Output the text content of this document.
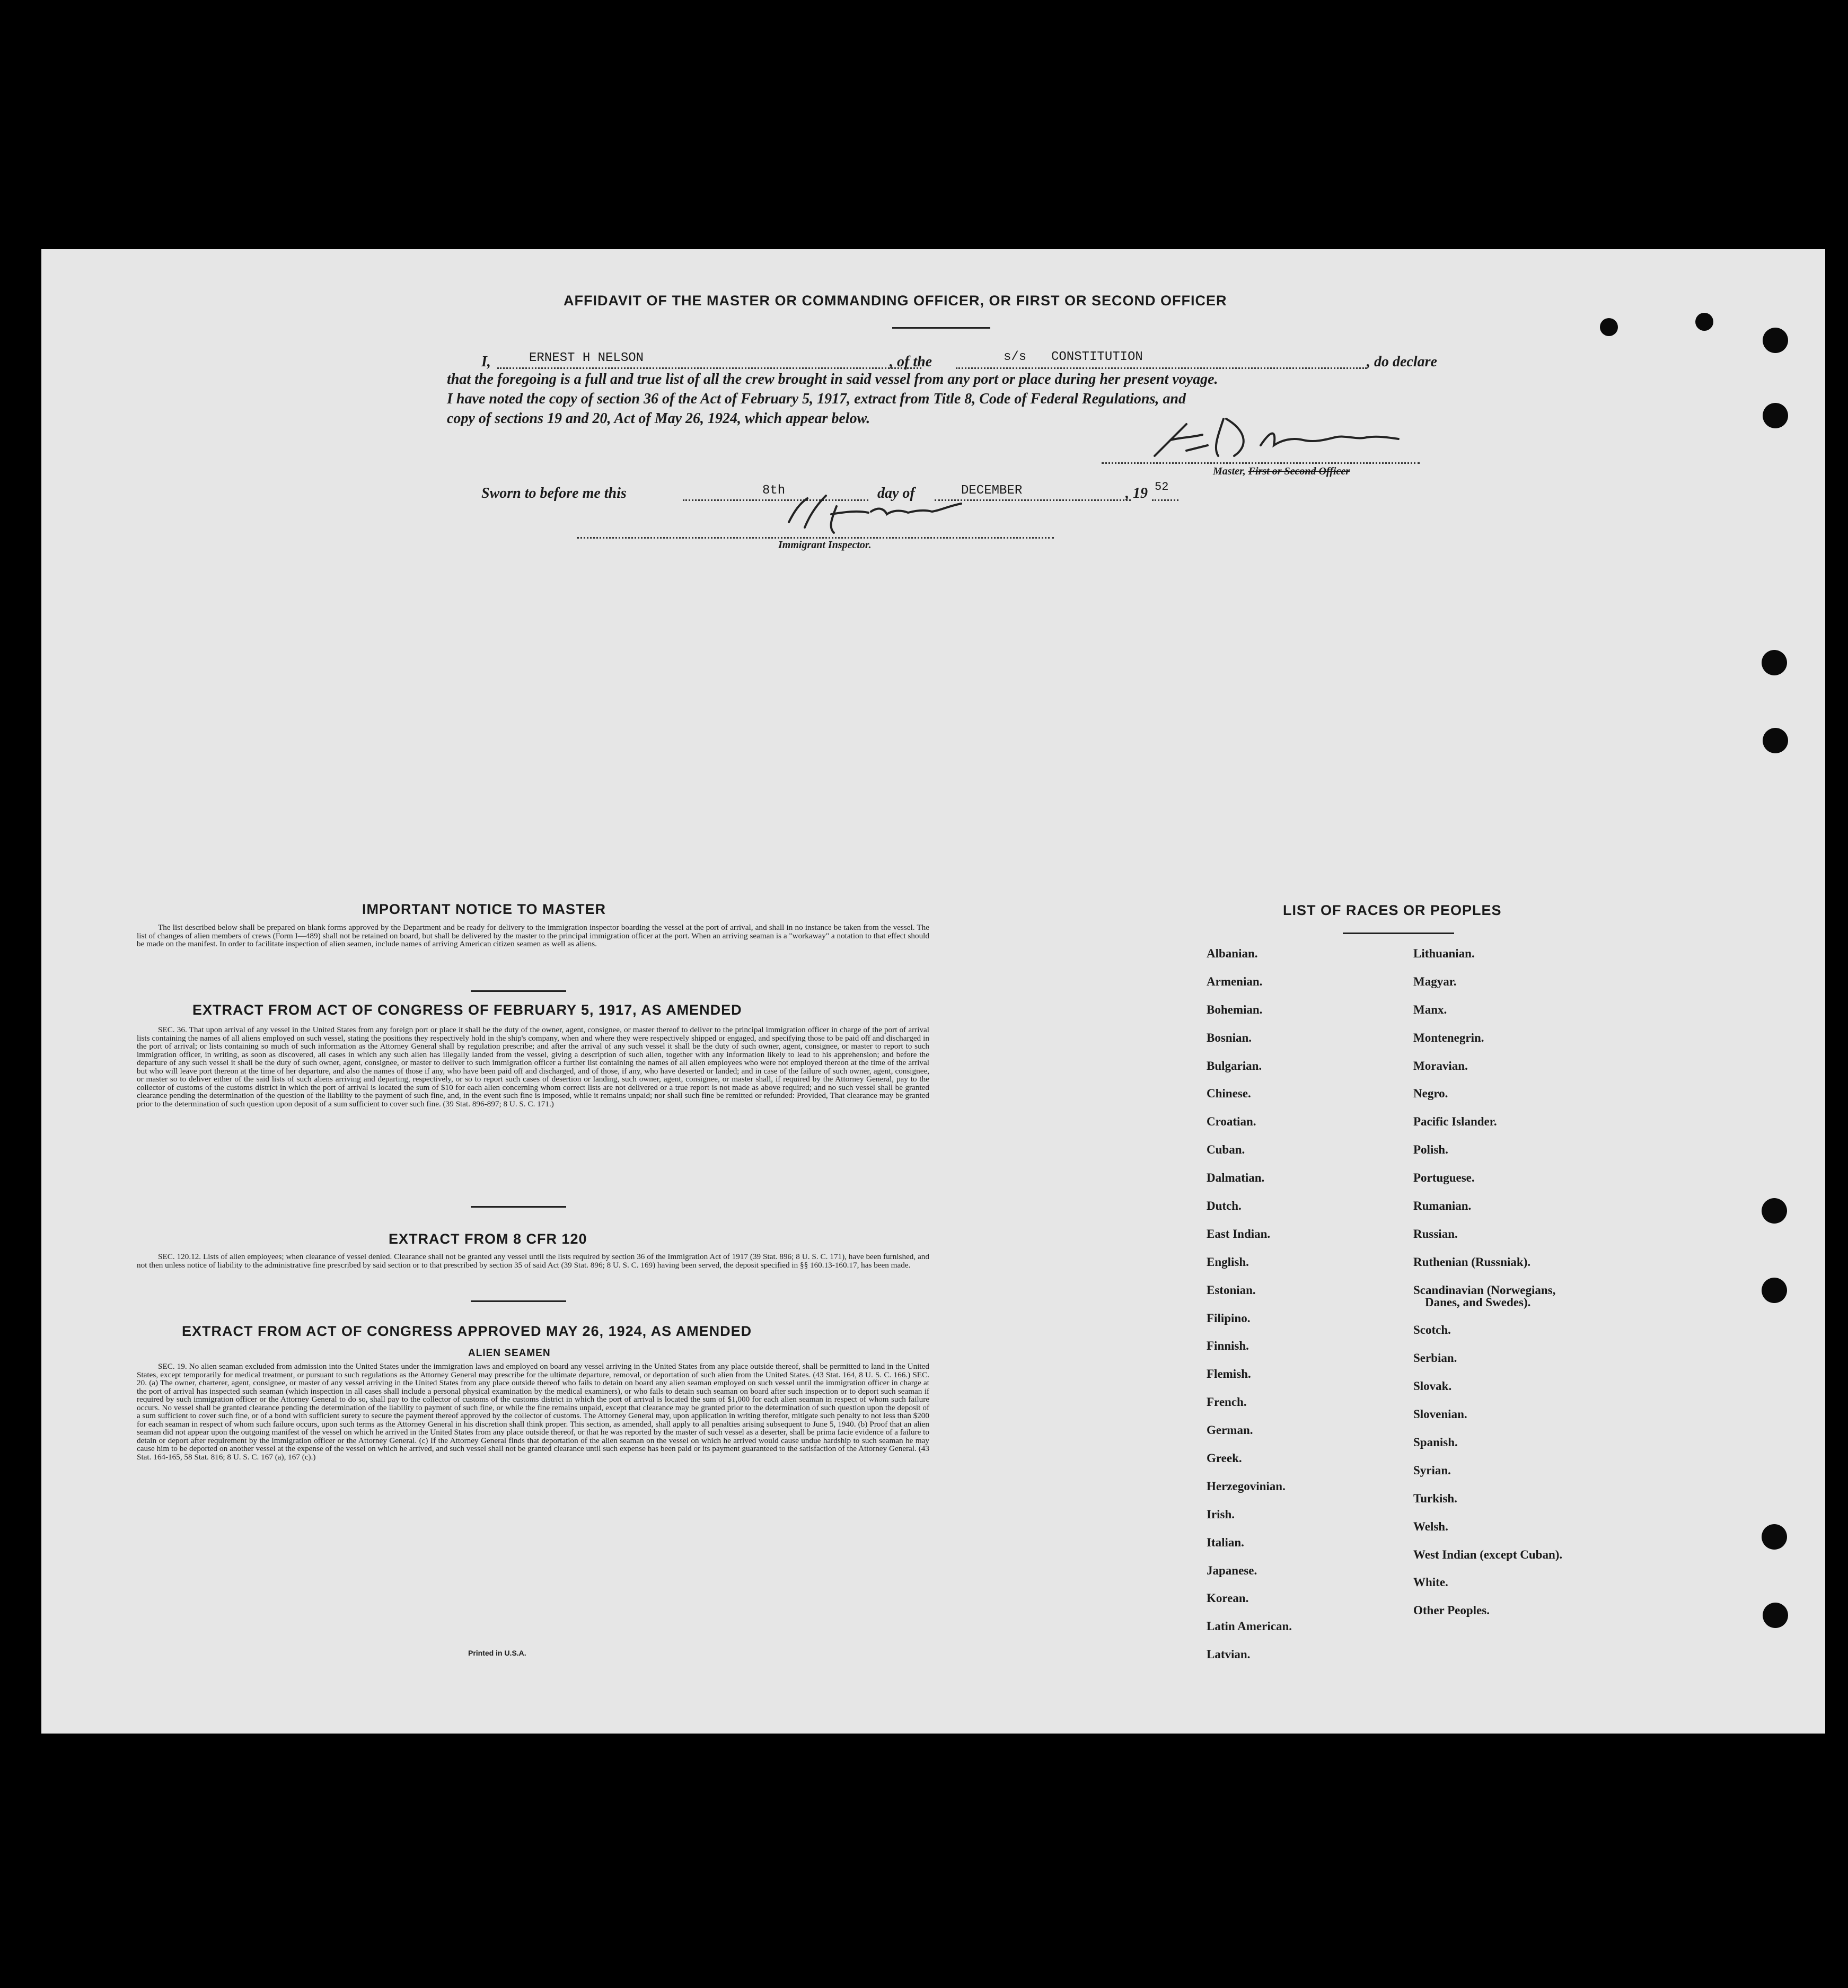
AFFIDAVIT OF THE MASTER OR COMMANDING OFFICER, OR FIRST OR SECOND OFFICER
I,	ERNEST H NELSON	, of the	s/s CONSTITUTION	, do declare
that the foregoing is a full and true list of all the crew brought in said vessel from any port or place during her present voyage.
I have noted the copy of section 36 of the Act of February 5, 1917, extract from Title 8, Code of Federal Regulations, and
copy of sections 19 and 20, Act of May 26, 1924, which appear below.
Master, First or Second Officer
Sworn to before me this	8th	day of	DECEMBER	, 19 52
Immigrant Inspector.
IMPORTANT NOTICE TO MASTER
The list described below shall be prepared on blank forms approved by the Department and be ready for delivery to the immigration inspector boarding the vessel at the port of arrival, and shall in no instance be taken from the vessel. The list of changes of alien members of crews (Form I—489) shall not be retained on board, but shall be delivered by the master to the principal immigration officer at the port. When an arriving seaman is a "workaway" a notation to that effect should be made on the manifest. In order to facilitate inspection of alien seamen, include names of arriving American citizen seamen as well as aliens.
EXTRACT FROM ACT OF CONGRESS OF FEBRUARY 5, 1917, AS AMENDED
SEC. 36. That upon arrival of any vessel in the United States from any foreign port or place it shall be the duty of the owner, agent, consignee, or master thereof to deliver to the principal immigration officer in charge of the port of arrival lists containing the names of all aliens employed on such vessel, stating the positions they respectively hold in the ship's company, when and where they were respectively shipped or engaged, and specifying those to be paid off and discharged in the port of arrival; or lists containing so much of such information as the Attorney General shall by regulation prescribe; and after the arrival of any such vessel it shall be the duty of such owner, agent, consignee, or master to report to such immigration officer, in writing, as soon as discovered, all cases in which any such alien has illegally landed from the vessel, giving a description of such alien, together with any information likely to lead to his apprehension; and before the departure of any such vessel it shall be the duty of such owner, agent, consignee, or master to deliver to such immigration officer a further list containing the names of all alien employees who were not employed thereon at the time of the arrival but who will leave port thereon at the time of her departure, and also the names of those if any, who have been paid off and discharged, and of those, if any, who have deserted or landed; and in case of the failure of such owner, agent, consignee, or master so to deliver either of the said lists of such aliens arriving and departing, respectively, or so to report such cases of desertion or landing, such owner, agent, consignee, or master shall, if required by the Attorney General, pay to the collector of customs of the customs district in which the port of arrival is located the sum of $10 for each alien concerning whom correct lists are not delivered or a true report is not made as above required; and no such vessel shall be granted clearance pending the determination of the question of the liability to the payment of such fine, and, in the event such fine is imposed, while it remains unpaid; nor shall such fine be remitted or refunded: Provided, That clearance may be granted prior to the determination of such question upon deposit of a sum sufficient to cover such fine. (39 Stat. 896-897; 8 U. S. C. 171.)
EXTRACT FROM 8 CFR 120
SEC. 120.12. Lists of alien employees; when clearance of vessel denied. Clearance shall not be granted any vessel until the lists required by section 36 of the Immigration Act of 1917 (39 Stat. 896; 8 U. S. C. 171), have been furnished, and not then unless notice of liability to the administrative fine prescribed by said section or to that prescribed by section 35 of said Act (39 Stat. 896; 8 U. S. C. 169) having been served, the deposit specified in §§ 160.13-160.17, has been made.
EXTRACT FROM ACT OF CONGRESS APPROVED MAY 26, 1924, AS AMENDED
ALIEN SEAMEN
SEC. 19. No alien seaman excluded from admission into the United States under the immigration laws and employed on board any vessel arriving in the United States from any place outside thereof, shall be permitted to land in the United States, except temporarily for medical treatment, or pursuant to such regulations as the Attorney General may prescribe for the ultimate departure, removal, or deportation of such alien from the United States. (43 Stat. 164, 8 U. S. C. 166.) SEC. 20. (a) The owner, charterer, agent, consignee, or master of any vessel arriving in the United States from any place outside thereof who fails to detain on board any alien seaman employed on such vessel until the immigration officer in charge at the port of arrival has inspected such seaman (which inspection in all cases shall include a personal physical examination by the medical examiners), or who fails to detain such seaman on board after such inspection or to deport such seaman if required by such immigration officer or the Attorney General to do so, shall pay to the collector of customs of the customs district in which the port of arrival is located the sum of $1,000 for each alien seaman in respect of whom such failure occurs. No vessel shall be granted clearance pending the determination of the liability to payment of such fine, or while the fine remains unpaid, except that clearance may be granted prior to the determination of such question upon the deposit of a sum sufficient to cover such fine, or of a bond with sufficient surety to secure the payment thereof approved by the collector of customs. The Attorney General may, upon application in writing therefor, mitigate such penalty to not less than $200 for each seaman in respect of whom such failure occurs, upon such terms as the Attorney General in his discretion shall think proper. This section, as amended, shall apply to all penalties arising subsequent to June 5, 1940. (b) Proof that an alien seaman did not appear upon the outgoing manifest of the vessel on which he arrived in the United States from any place outside thereof, or that he was reported by the master of such vessel as a deserter, shall be prima facie evidence of a failure to detain or deport after requirement by the immigration officer or the Attorney General. (c) If the Attorney General finds that deportation of the alien seaman on the vessel on which he arrived would cause undue hardship to such seaman he may cause him to be deported on another vessel at the expense of the vessel on which he arrived, and such vessel shall not be granted clearance until such expense has been paid or its payment guaranteed to the satisfaction of the Attorney General. (43 Stat. 164-165, 58 Stat. 816; 8 U. S. C. 167 (a), 167 (c).)
Printed in U.S.A.
LIST OF RACES OR PEOPLES
Albanian.
Armenian.
Bohemian.
Bosnian.
Bulgarian.
Chinese.
Croatian.
Cuban.
Dalmatian.
Dutch.
East Indian.
English.
Estonian.
Filipino.
Finnish.
Flemish.
French.
German.
Greek.
Herzegovinian.
Irish.
Italian.
Japanese.
Korean.
Latin American.
Latvian.
Lithuanian.
Magyar.
Manx.
Montenegrin.
Moravian.
Negro.
Pacific Islander.
Polish.
Portuguese.
Rumanian.
Russian.
Ruthenian (Russniak).
Scandinavian (Norwegians,
Danes, and Swedes).
Scotch.
Serbian.
Slovak.
Slovenian.
Spanish.
Syrian.
Turkish.
Welsh.
West Indian (except Cuban).
White.
Other Peoples.
